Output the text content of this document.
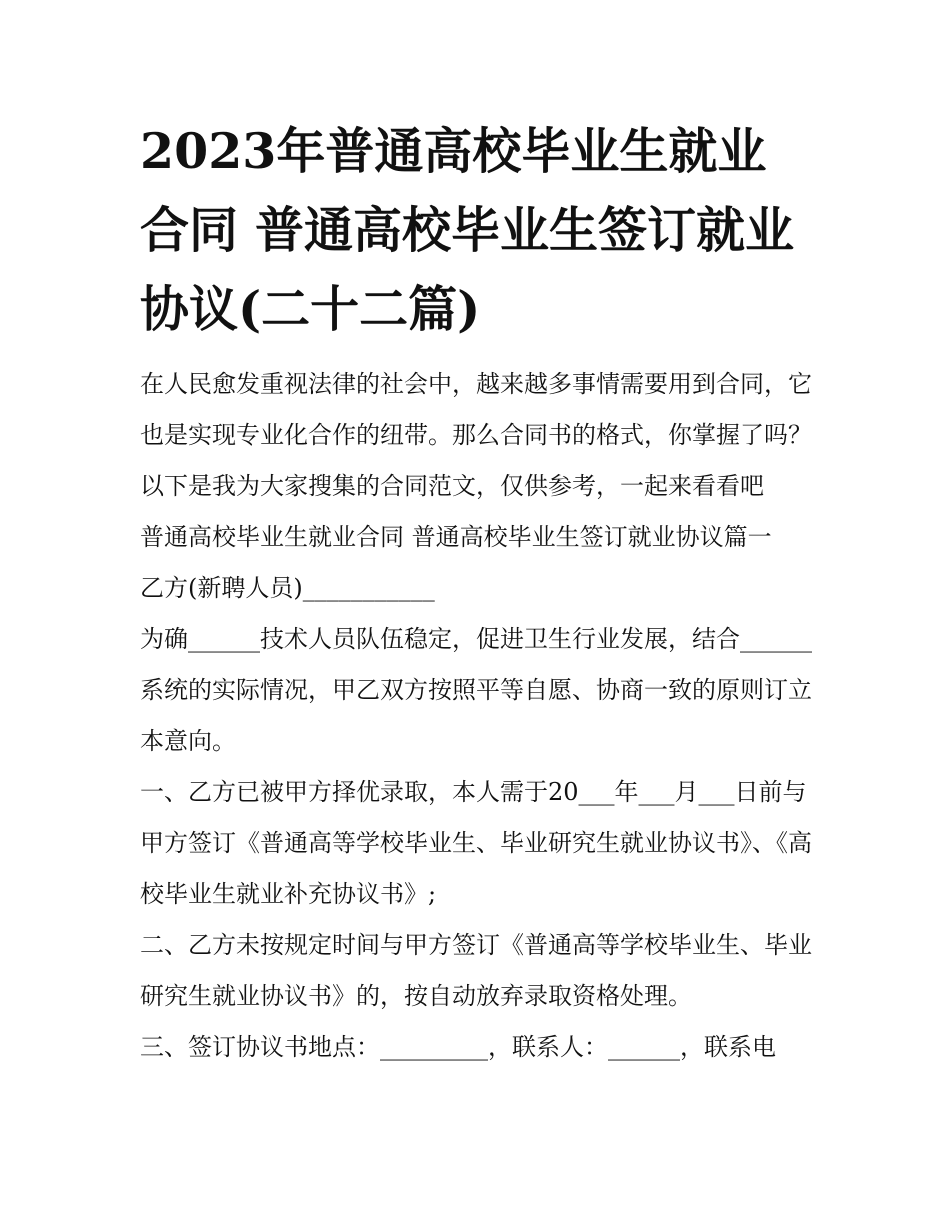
2023年普通高校毕业生就业合同 普通高校毕业生签订就业协议(二十二篇)

在人民愈发重视法律的社会中，越来越多事情需要用到合同，它也是实现专业化合作的纽带。那么合同书的格式，你掌握了吗？以下是我为大家搜集的合同范文，仅供参考，一起来看看吧

普通高校毕业生就业合同 普通高校毕业生签订就业协议篇一

乙方(新聘人员)___________

为确______技术人员队伍稳定，促进卫生行业发展，结合______系统的实际情况，甲乙双方按照平等自愿、协商一致的原则订立本意向。

一、乙方已被甲方择优录取，本人需于20___年___月___日前与甲方签订《普通高等学校毕业生、毕业研究生就业协议书》、《高校毕业生就业补充协议书》;

二、乙方未按规定时间与甲方签订《普通高等学校毕业生、毕业研究生就业协议书》的，按自动放弃录取资格处理。

三、签订协议书地点：_________，联系人：______，联系电
